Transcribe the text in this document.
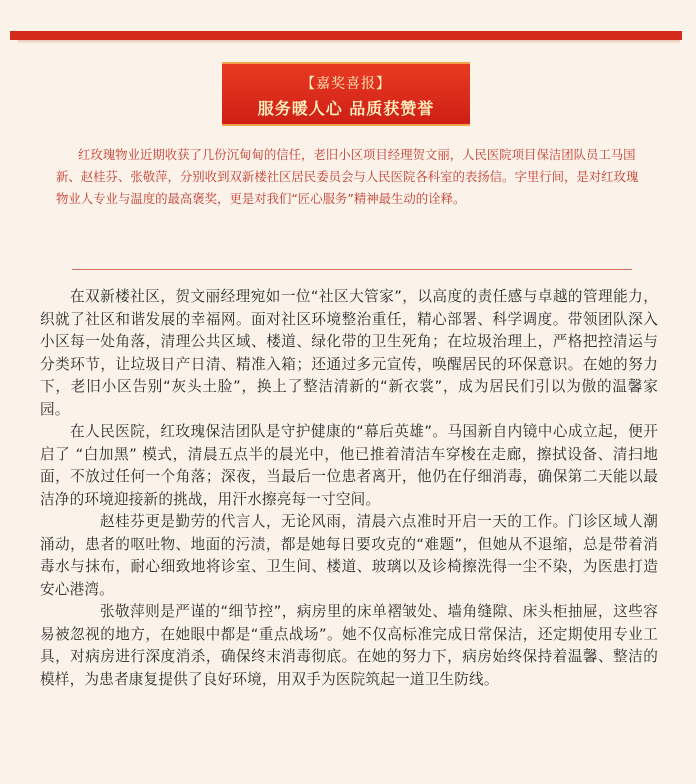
【嘉奖喜报】
服务暖人心 品质获赞誉

红玫瑰物业近期收获了几份沉甸甸的信任，老旧小区项目经理贺文丽，人民医院项目保洁团队员工马国新、赵桂芬、张敬萍，分别收到双新楼社区居民委员会与人民医院各科室的表扬信。字里行间，是对红玫瑰物业人专业与温度的最高褒奖，更是对我们“匠心服务”精神最生动的诠释。

在双新楼社区，贺文丽经理宛如一位“社区大管家”，以高度的责任感与卓越的管理能力，织就了社区和谐发展的幸福网。面对社区环境整治重任，精心部署、科学调度。带领团队深入小区每一处角落，清理公共区域、楼道、绿化带的卫生死角；在垃圾治理上，严格把控清运与分类环节，让垃圾日产日清、精准入箱；还通过多元宣传，唤醒居民的环保意识。在她的努力下，老旧小区告别“灰头土脸”，换上了整洁清新的“新衣裳”，成为居民们引以为傲的温馨家园。

在人民医院，红玫瑰保洁团队是守护健康的“幕后英雄”。马国新自内镜中心成立起，便开启了 “白加黑” 模式，清晨五点半的晨光中，他已推着清洁车穿梭在走廊，擦拭设备、清扫地面，不放过任何一个角落；深夜，当最后一位患者离开，他仍在仔细消毒，确保第二天能以最洁净的环境迎接新的挑战，用汗水擦亮每一寸空间。

赵桂芬更是勤劳的代言人，无论风雨，清晨六点准时开启一天的工作。门诊区域人潮涌动，患者的呕吐物、地面的污渍，都是她每日要攻克的“难题”，但她从不退缩，总是带着消毒水与抹布，耐心细致地将诊室、卫生间、楼道、玻璃以及诊椅擦洗得一尘不染，为医患打造安心港湾。

张敬萍则是严谨的“细节控”，病房里的床单褶皱处、墙角缝隙、床头柜抽屉，这些容易被忽视的地方，在她眼中都是“重点战场”。她不仅高标准完成日常保洁，还定期使用专业工具，对病房进行深度消杀，确保终末消毒彻底。在她的努力下，病房始终保持着温馨、整洁的模样，为患者康复提供了良好环境，用双手为医院筑起一道卫生防线。
